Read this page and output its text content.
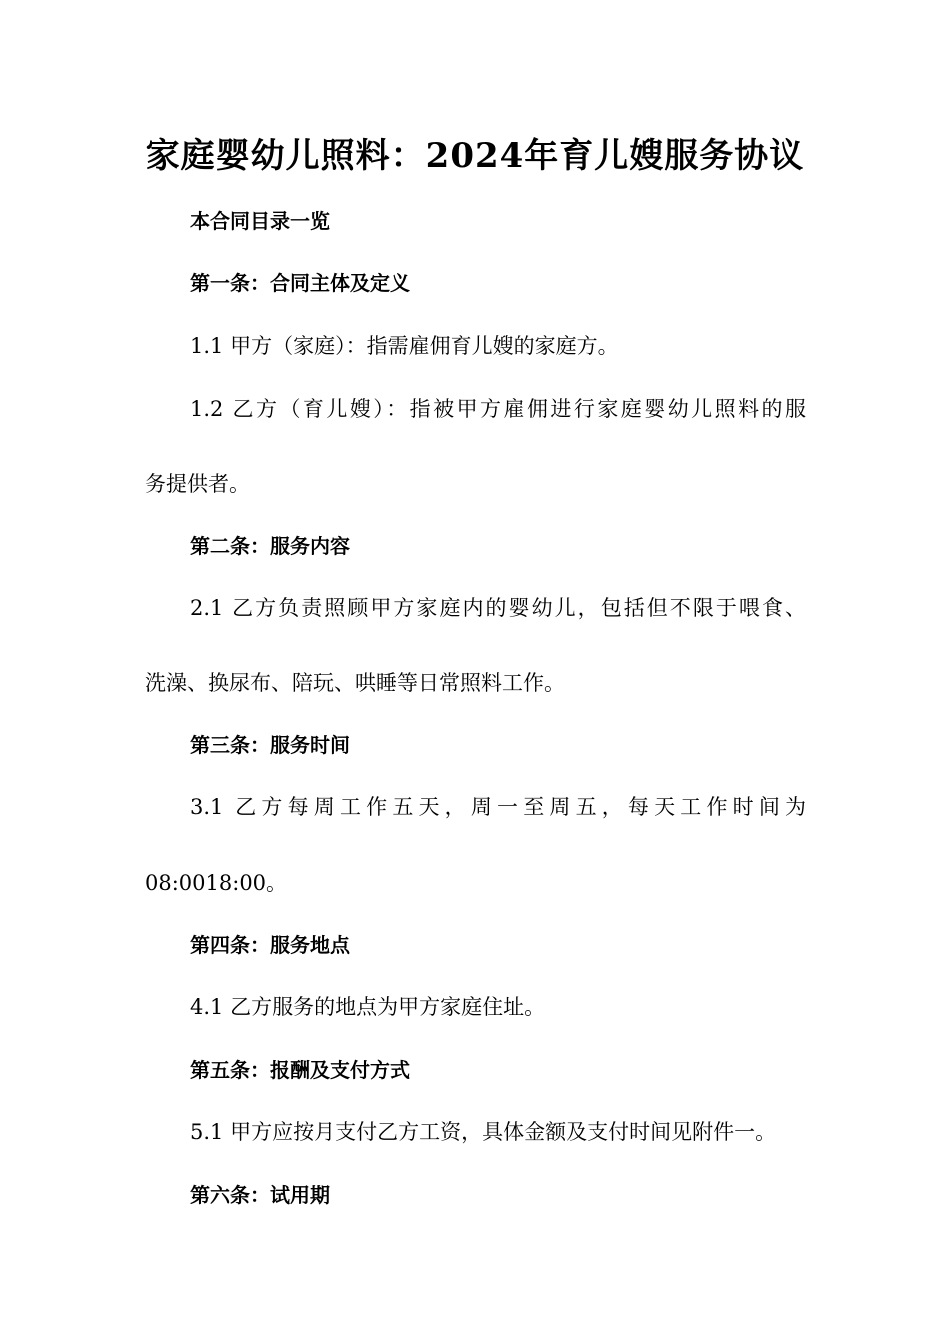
家庭婴幼儿照料：2024年育儿嫂服务协议
本合同目录一览
第一条：合同主体及定义
1.1 甲方（家庭）：指需雇佣育儿嫂的家庭方。
1.2 乙方（育儿嫂）：指被甲方雇佣进行家庭婴幼儿照料的服
务提供者。
第二条：服务内容
2.1 乙方负责照顾甲方家庭内的婴幼儿，包括但不限于喂食、
洗澡、换尿布、陪玩、哄睡等日常照料工作。
第三条：服务时间
3.1 乙方每周工作五天，周一至周五，每天工作时间为
08:0018:00。
第四条：服务地点
4.1 乙方服务的地点为甲方家庭住址。
第五条：报酬及支付方式
5.1 甲方应按月支付乙方工资，具体金额及支付时间见附件一。
第六条：试用期
